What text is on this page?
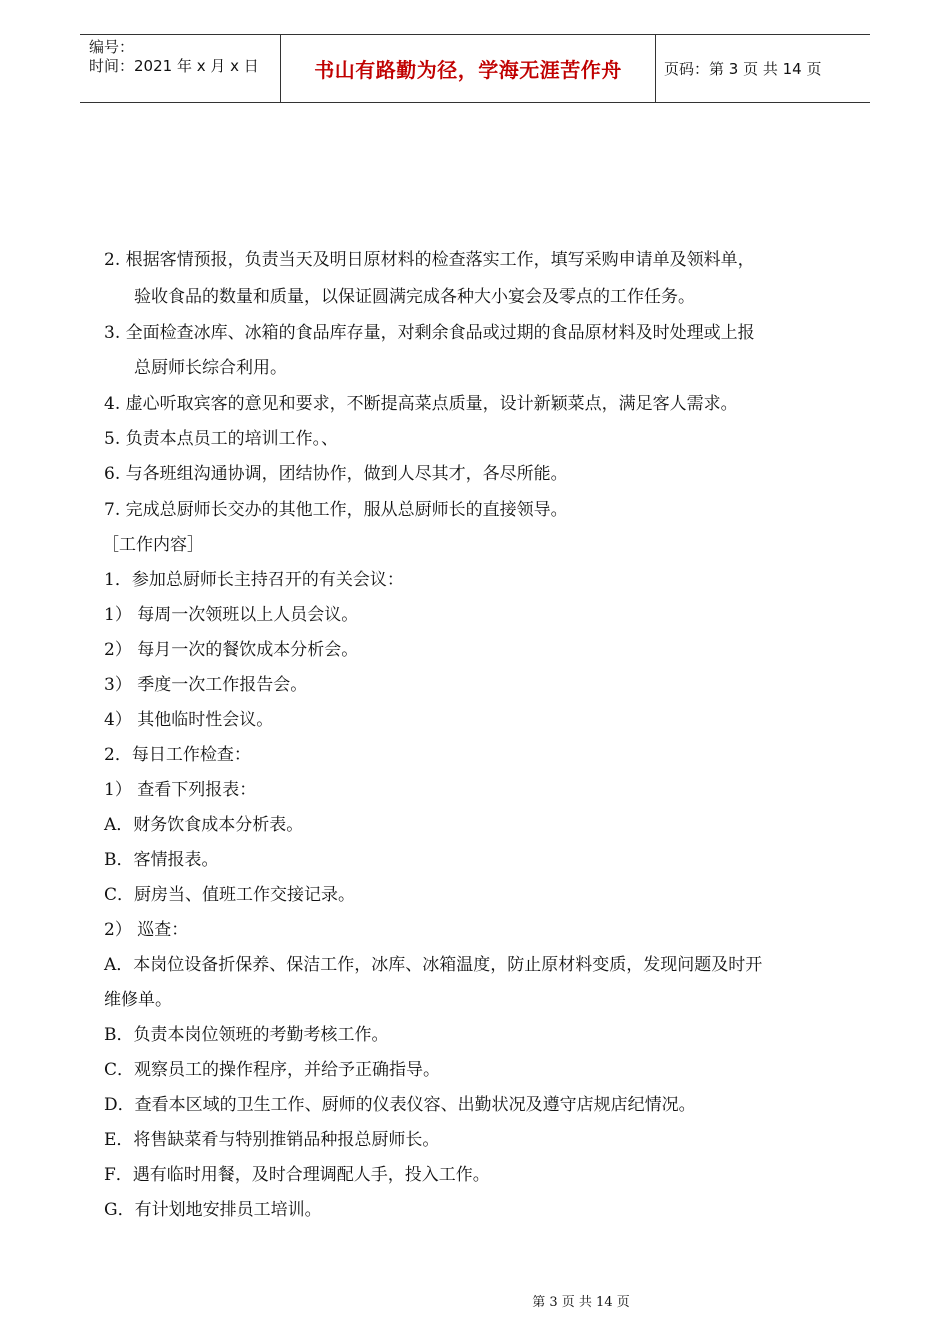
编号：
时间：2021 年 x 月 x 日	书山有路勤为径，学海无涯苦作舟	页码：第 3 页 共 14 页
2. 根据客情预报，负责当天及明日原材料的检查落实工作，填写采购申请单及领料单，
验收食品的数量和质量，以保证圆满完成各种大小宴会及零点的工作任务。
3. 全面检查冰库、冰箱的食品库存量，对剩余食品或过期的食品原材料及时处理或上报
总厨师长综合利用。
4. 虚心听取宾客的意见和要求，不断提高菜点质量，设计新颖菜点，满足客人需求。
5. 负责本点员工的培训工作。、
6. 与各班组沟通协调，团结协作，做到人尽其才，各尽所能。
7. 完成总厨师长交办的其他工作，服从总厨师长的直接领导。
［工作内容］
1．参加总厨师长主持召开的有关会议：
1） 每周一次领班以上人员会议。
2） 每月一次的餐饮成本分析会。
3） 季度一次工作报告会。
4） 其他临时性会议。
2．每日工作检查：
1） 查看下列报表：
A．财务饮食成本分析表。
B．客情报表。
C．厨房当、值班工作交接记录。
2） 巡查：
A．本岗位设备折保养、保洁工作，冰库、冰箱温度，防止原材料变质，发现问题及时开
维修单。
B．负责本岗位领班的考勤考核工作。
C．观察员工的操作程序，并给予正确指导。
D．查看本区域的卫生工作、厨师的仪表仪容、出勤状况及遵守店规店纪情况。
E．将售缺菜肴与特别推销品种报总厨师长。
F．遇有临时用餐，及时合理调配人手，投入工作。
G．有计划地安排员工培训。
第 3 页 共 14 页
